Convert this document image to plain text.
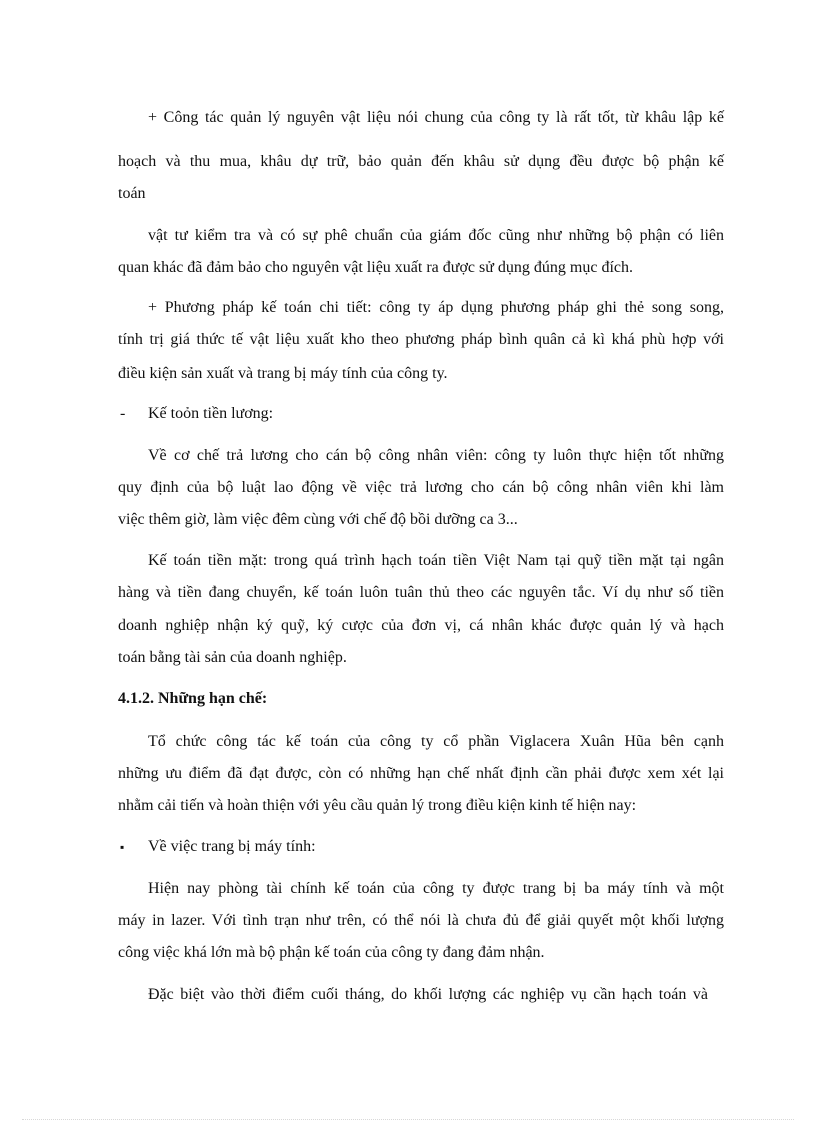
+ Công tác quản lý nguyên vật liệu nói chung của công ty là rất tốt, từ khâu lập kế
hoạch và thu mua, khâu dự trữ, bảo quản đến khâu sử dụng đều được bộ phận kế
toán
vật tư kiểm tra và có sự phê chuẩn của giám đốc cũng như những bộ phận có liên
quan khác đã đảm bảo cho nguyên vật liệu xuất ra được sử dụng đúng mục đích.
+ Phương pháp kế toán chi tiết: công ty áp dụng phương pháp ghi thẻ song song,
tính trị giá thức tế vật liệu xuất kho theo phương pháp bình quân cả kì khá phù hợp với
điều kiện sản xuất và trang bị máy tính của công ty.
- Kế toỏn tiền lương:
Về cơ chế trả lương cho cán bộ công nhân viên: công ty luôn thực hiện tốt những
quy định của bộ luật lao động về việc trả lương cho cán bộ công nhân viên khi làm
việc thêm giờ, làm việc đêm cùng với chế độ bồi dưỡng ca 3...
Kế toán tiền mặt: trong quá trình hạch toán tiền Việt Nam tại quỹ tiền mặt tại ngân
hàng và tiền đang chuyển, kế toán luôn tuân thủ theo các nguyên tắc. Ví dụ như số tiền
doanh nghiệp nhận ký quỹ, ký cược của đơn vị, cá nhân khác được quản lý và hạch
toán bằng tài sản của doanh nghiệp.
4.1.2. Những hạn chế:
Tổ chức công tác kế toán của công ty cổ phần Viglacera Xuân Hũa bên cạnh
những ưu điểm đã đạt được, còn có những hạn chế nhất định cần phải được xem xét lại
nhằm cải tiến và hoàn thiện với yêu cầu quản lý trong điều kiện kinh tế hiện nay:
▪ Về việc trang bị máy tính:
Hiện nay phòng tài chính kế toán của công ty được trang bị ba máy tính và một
máy in lazer. Với tình trạn như trên, có thể nói là chưa đủ để giải quyết một khối lượng
công việc khá lớn mà bộ phận kế toán của công ty đang đảm nhận.
Đặc biệt vào thời điểm cuối tháng, do khối lượng các nghiệp vụ cần hạch toán và
